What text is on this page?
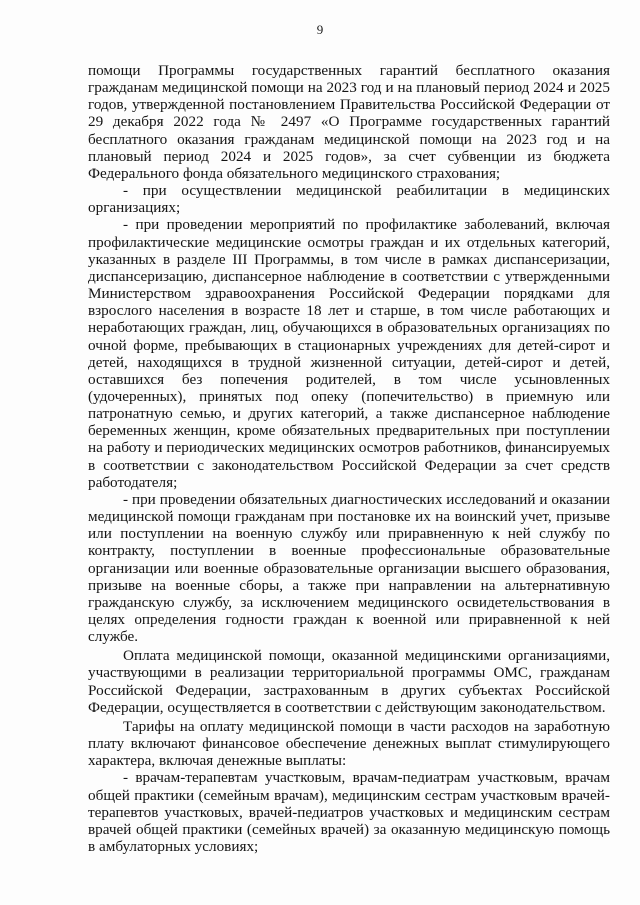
9

помощи Программы государственных гарантий бесплатного оказания гражданам медицинской помощи на 2023 год и на плановый период 2024 и 2025 годов, утвержденной постановлением Правительства Российской Федерации от 29 декабря 2022 года № 2497 «О Программе государственных гарантий бесплатного оказания гражданам медицинской помощи на 2023 год и на плановый период 2024 и 2025 годов», за счет субвенции из бюджета Федерального фонда обязательного медицинского страхования;

- при осуществлении медицинской реабилитации в медицинских организациях;

- при проведении мероприятий по профилактике заболеваний, включая профилактические медицинские осмотры граждан и их отдельных категорий, указанных в разделе III Программы, в том числе в рамках диспансеризации, диспансеризацию, диспансерное наблюдение в соответствии с утвержденными Министерством здравоохранения Российской Федерации порядками для взрослого населения в возрасте 18 лет и старше, в том числе работающих и неработающих граждан, лиц, обучающихся в образовательных организациях по очной форме, пребывающих в стационарных учреждениях для детей-сирот и детей, находящихся в трудной жизненной ситуации, детей-сирот и детей, оставшихся без попечения родителей, в том числе усыновленных (удочеренных), принятых под опеку (попечительство) в приемную или патронатную семью, и других категорий, а также диспансерное наблюдение беременных женщин, кроме обязательных предварительных при поступлении на работу и периодических медицинских осмотров работников, финансируемых в соответствии с законодательством Российской Федерации за счет средств работодателя;

- при проведении обязательных диагностических исследований и оказании медицинской помощи гражданам при постановке их на воинский учет, призыве или поступлении на военную службу или приравненную к ней службу по контракту, поступлении в военные профессиональные образовательные организации или военные образовательные организации высшего образования, призыве на военные сборы, а также при направлении на альтернативную гражданскую службу, за исключением медицинского освидетельствования в целях определения годности граждан к военной или приравненной к ней службе.

Оплата медицинской помощи, оказанной медицинскими организациями, участвующими в реализации территориальной программы ОМС, гражданам Российской Федерации, застрахованным в других субъектах Российской Федерации, осуществляется в соответствии с действующим законодательством.

Тарифы на оплату медицинской помощи в части расходов на заработную плату включают финансовое обеспечение денежных выплат стимулирующего характера, включая денежные выплаты:

- врачам-терапевтам участковым, врачам-педиатрам участковым, врачам общей практики (семейным врачам), медицинским сестрам участковым врачей-терапевтов участковых, врачей-педиатров участковых и медицинским сестрам врачей общей практики (семейных врачей) за оказанную медицинскую помощь в амбулаторных условиях;
